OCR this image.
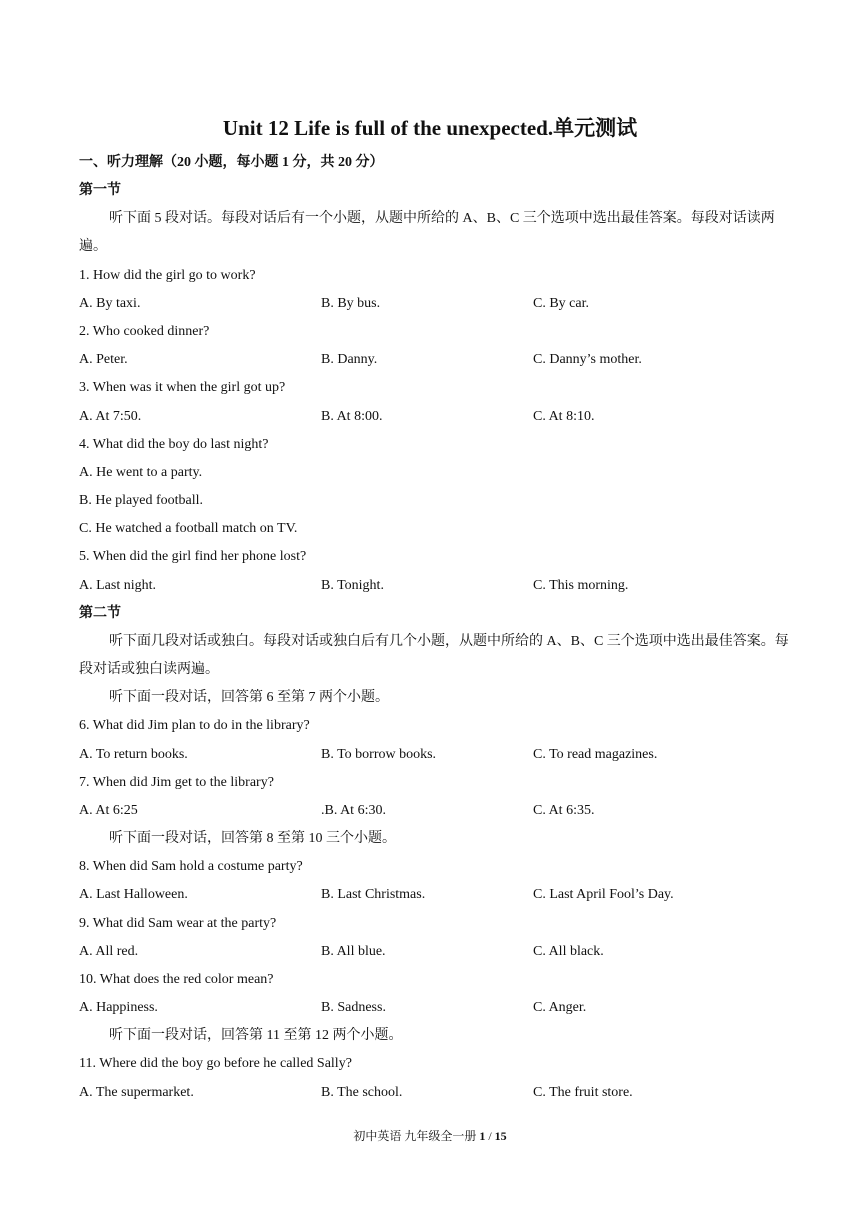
Unit 12 Life is full of the unexpected.单元测试
一、听力理解（20 小题，每小题 1 分，共 20 分）
第一节
听下面 5 段对话。每段对话后有一个小题，从题中所给的 A、B、C 三个选项中选出最佳答案。每段对话读两遍。
1. How did the girl go to work?
A. By taxi.	B. By bus.	C. By car.
2. Who cooked dinner?
A. Peter.	B. Danny.	C. Danny’s mother.
3. When was it when the girl got up?
A. At 7:50.	B. At 8:00.	C. At 8:10.
4. What did the boy do last night?
A. He went to a party.
B. He played football.
C. He watched a football match on TV.
5. When did the girl find her phone lost?
A. Last night.	B. Tonight.	C. This morning.
第二节
听下面几段对话或独白。每段对话或独白后有几个小题，从题中所给的 A、B、C 三个选项中选出最佳答案。每段对话或独白读两遍。
听下面一段对话，回答第 6 至第 7 两个小题。
6. What did Jim plan to do in the library?
A. To return books.	B. To borrow books.	C. To read magazines.
7. When did Jim get to the library?
A. At 6:25	.B. At 6:30.	C. At 6:35.
听下面一段对话，回答第 8 至第 10 三个小题。
8. When did Sam hold a costume party?
A. Last Halloween.	B. Last Christmas.	C. Last April Fool’s Day.
9. What did Sam wear at the party?
A. All red.	B. All blue.	C. All black.
10. What does the red color mean?
A. Happiness.	B. Sadness.	C. Anger.
听下面一段对话，回答第 11 至第 12 两个小题。
11. Where did the boy go before he called Sally?
A. The supermarket.	B. The school.	C. The fruit store.
初中英语 九年级全一册 1 / 15
